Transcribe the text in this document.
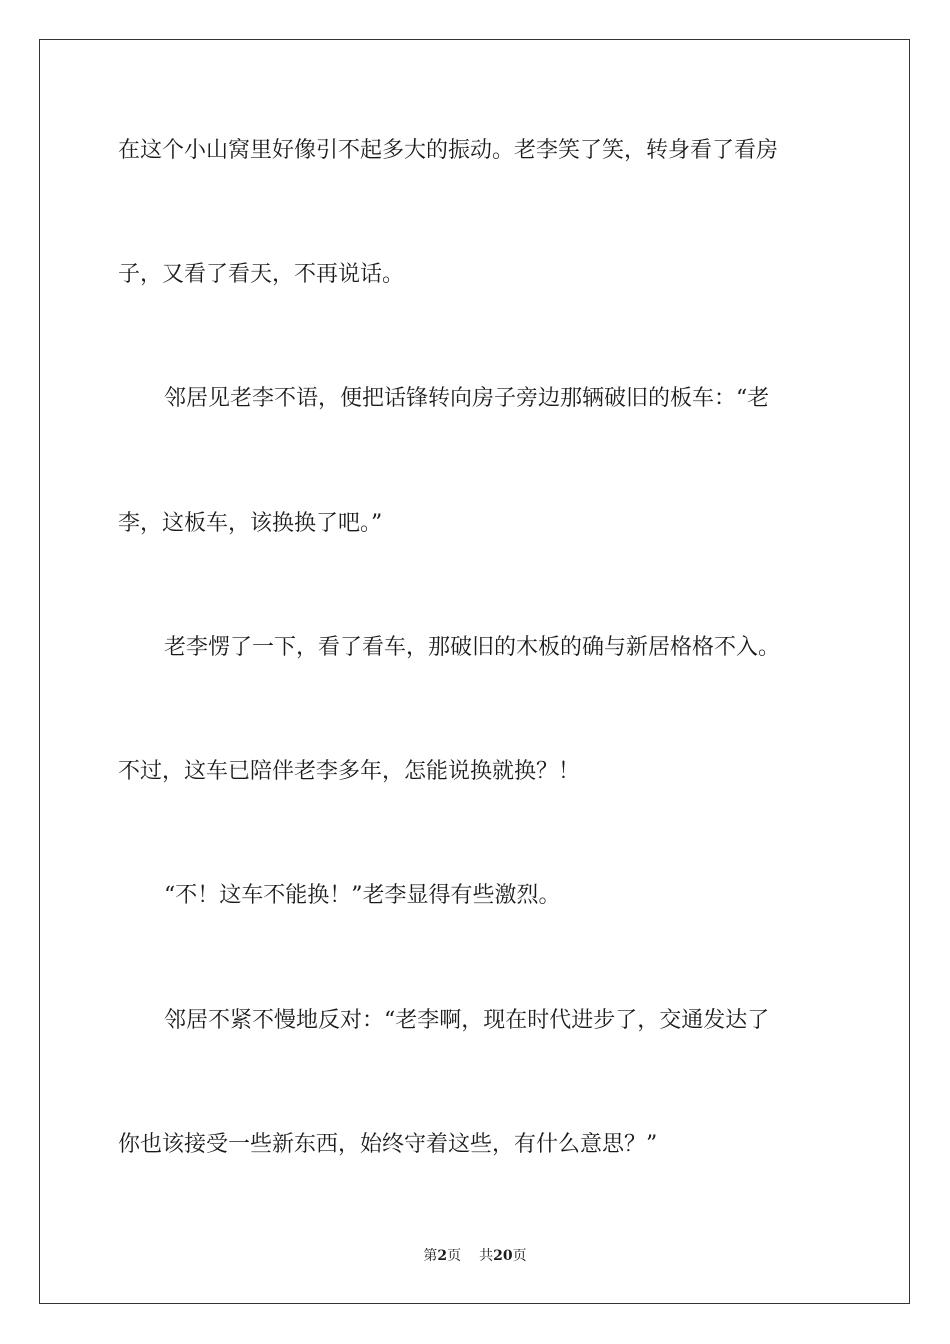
在这个小山窝里好像引不起多大的振动。老李笑了笑，转身看了看房

子，又看了看天，不再说话。

邻居见老李不语，便把话锋转向房子旁边那辆破旧的板车：“老

李，这板车，该换换了吧。”

老李愣了一下，看了看车，那破旧的木板的确与新居格格不入。

不过，这车已陪伴老李多年，怎能说换就换？！

“不！这车不能换！”老李显得有些激烈。

邻居不紧不慢地反对：“老李啊，现在时代进步了，交通发达了

你也该接受一些新东西，始终守着这些，有什么意思？”

第2页 共20页
